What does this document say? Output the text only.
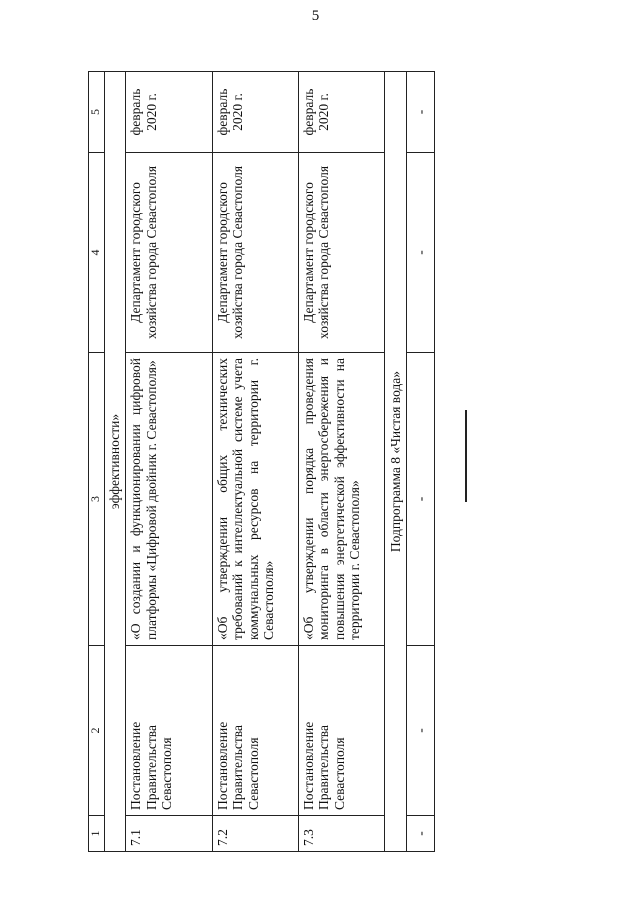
5
1	2	3	4	5
эффективности»				
7.1	Постановление Правительства Севастополя	«О создании и функционировании цифровой платформы «Цифровой двойник г. Севастополя»	Департамент городского хозяйства города Севастополя	февраль 2020 г.
7.2	Постановление Правительства Севастополя	«Об утверждении общих технических требований к интеллектуальной системе учета коммунальных ресурсов на территории г. Севастополя»	Департамент городского хозяйства города Севастополя	февраль 2020 г.
7.3	Постановление Правительства Севастополя	«Об утверждении порядка проведения мониторинга в области энергосбережения и повышения энергетической эффективности на территории г. Севастополя»	Департамент городского хозяйства города Севастополя	февраль 2020 г.
Подпрограмма 8 «Чистая вода»				
-	-	-	-	-
